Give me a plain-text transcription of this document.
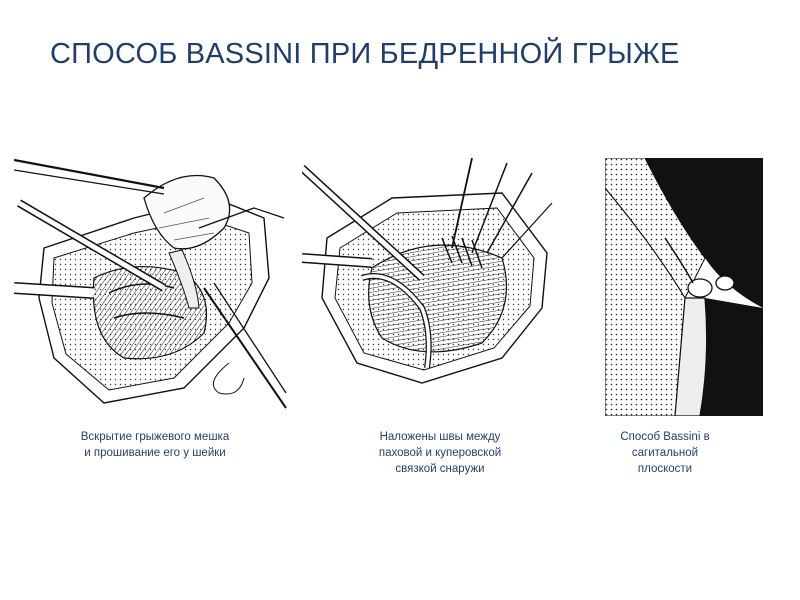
СПОСОБ BASSINI ПРИ БЕДРЕННОЙ ГРЫЖЕ
Вскрытие грыжевого мешка
и прошивание его у шейки
Наложены швы между
паховой и куперовской
связкой снаружи
Способ Bassini в
сагитальной
плоскости
